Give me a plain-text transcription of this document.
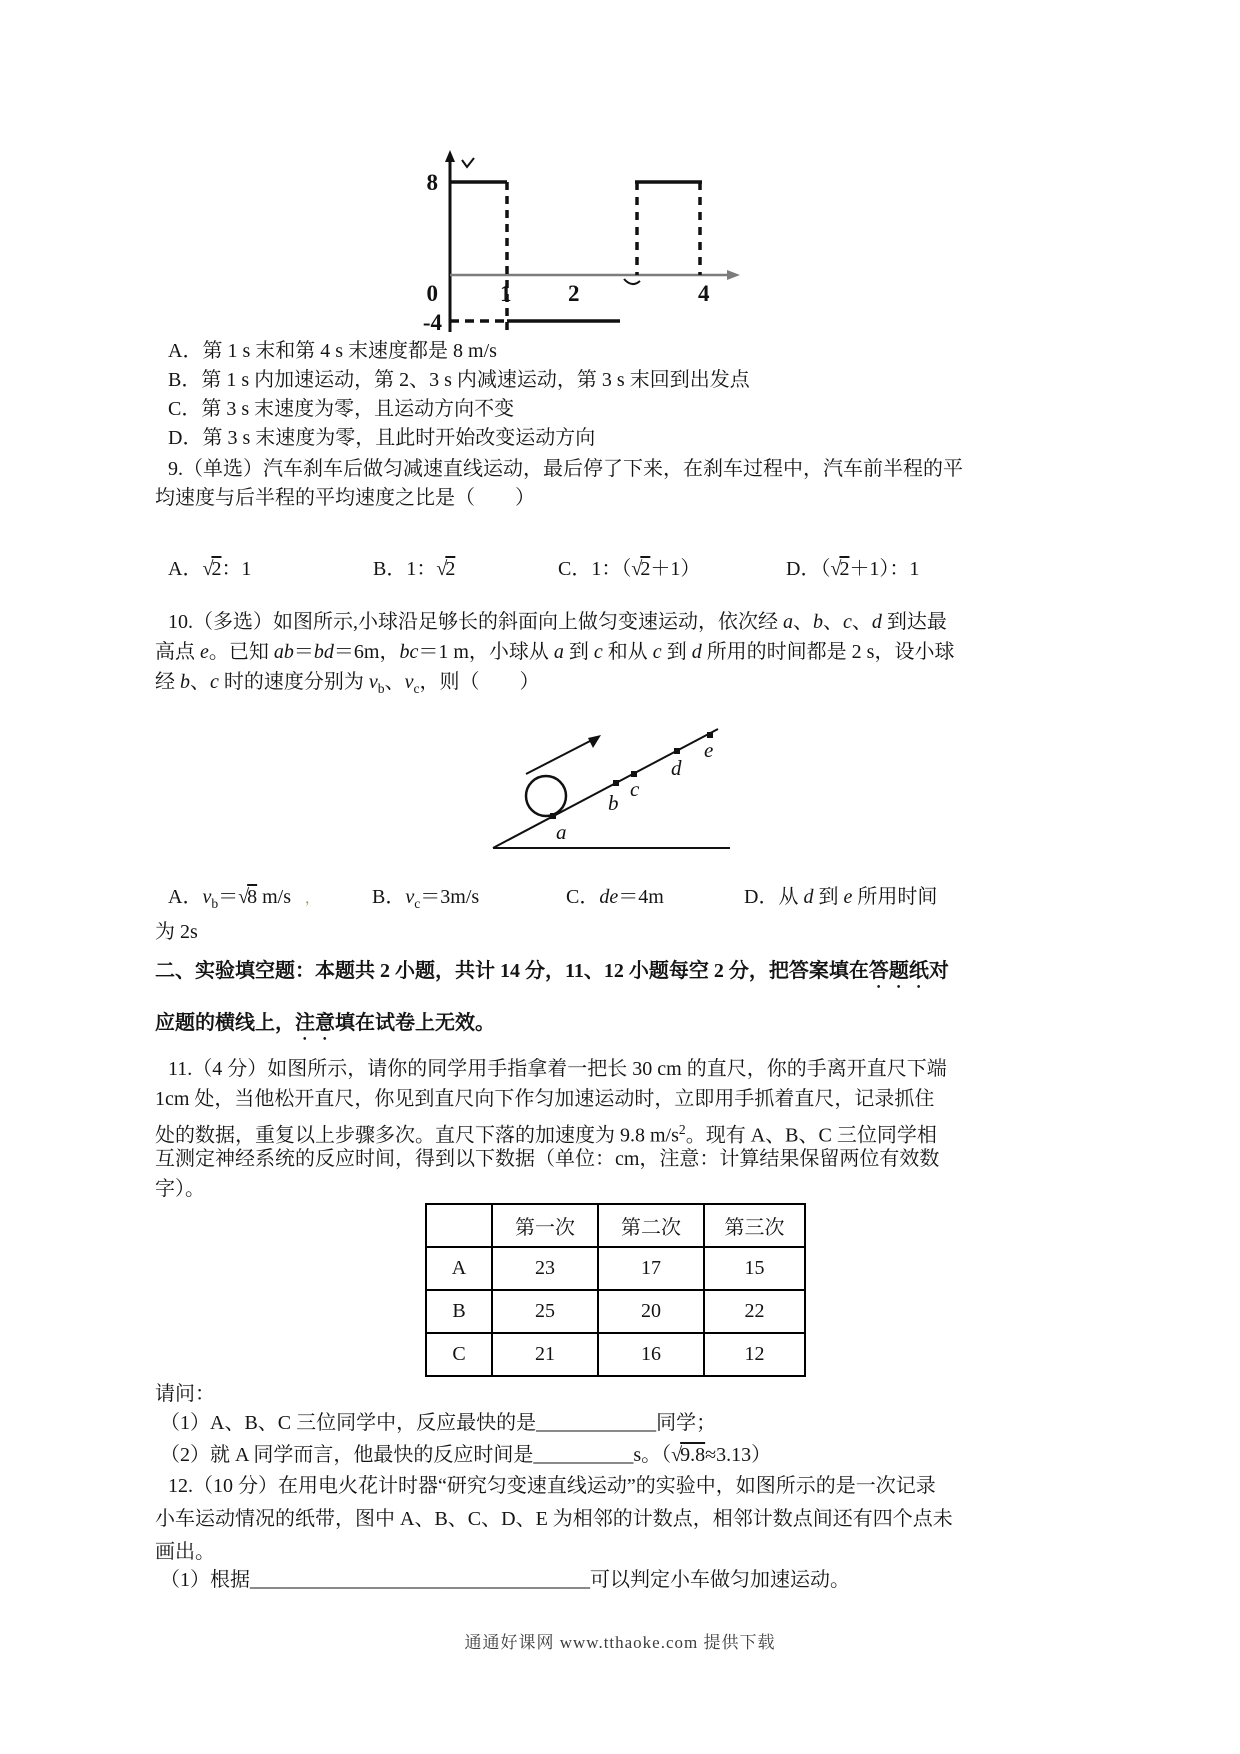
8
0	1 2	4
-4
A．第 1 s 末和第 4 s 末速度都是 8 m/s
B．第 1 s 内加速运动，第 2、3 s 内减速运动，第 3 s 末回到出发点
C．第 3 s 末速度为零，且运动方向不变
D．第 3 s 末速度为零，且此时开始改变运动方向
9.（单选）汽车刹车后做匀减速直线运动，最后停了下来，在刹车过程中，汽车前半程的平
均速度与后半程的平均速度之比是（　　）
A．√2：1	B．1：√2	C．1：（√2＋1）	D．（√2＋1）：1
10.（多选）如图所示,小球沿足够长的斜面向上做匀变速运动，依次经 a、b、c、d 到达最
高点 e。已知 ab＝bd＝6m，bc＝1 m，小球从 a 到 c 和从 c 到 d 所用的时间都是 2 s，设小球
经 b、c 时的速度分别为 $v_b$、$v_c$，则（　　）
a
b
c
d
e
A．$v_b=√8$ m/s　，	B．$v_c=3m/s$	C．de＝4m	D．从 d 到 e 所用时间
为 2s
二、实验填空题：本题共 2 小题，共计 14 分，11、12 小题每空 2 分，把答案填在答题纸对
应题的横线上，注意填在试卷上无效。
11.（4 分）如图所示，请你的同学用手指拿着一把长 30 cm 的直尺，你的手离开直尺下端
1cm 处，当他松开直尺，你见到直尺向下作匀加速运动时，立即用手抓着直尺，记录抓住
处的数据，重复以上步骤多次。直尺下落的加速度为 9.8 $m/s^2$。现有 A、B、C 三位同学相
互测定神经系统的反应时间，得到以下数据（单位：cm，注意：计算结果保留两位有效数
字）。
	第一次	第二次	第三次
A	23	17	15
B	25	20	22
C	21	16	12
请问：
（1）A、B、C 三位同学中，反应最快的是____________同学；
（2）就 A 同学而言，他最快的反应时间是__________s。（√9.8≈3.13）
12.（10 分）在用电火花计时器“研究匀变速直线运动”的实验中，如图所示的是一次记录
小车运动情况的纸带，图中 A、B、C、D、E 为相邻的计数点，相邻计数点间还有四个点未
画出。
（1）根据__________________________________可以判定小车做匀加速运动。
通通好课网 www.tthaoke.com 提供下载
